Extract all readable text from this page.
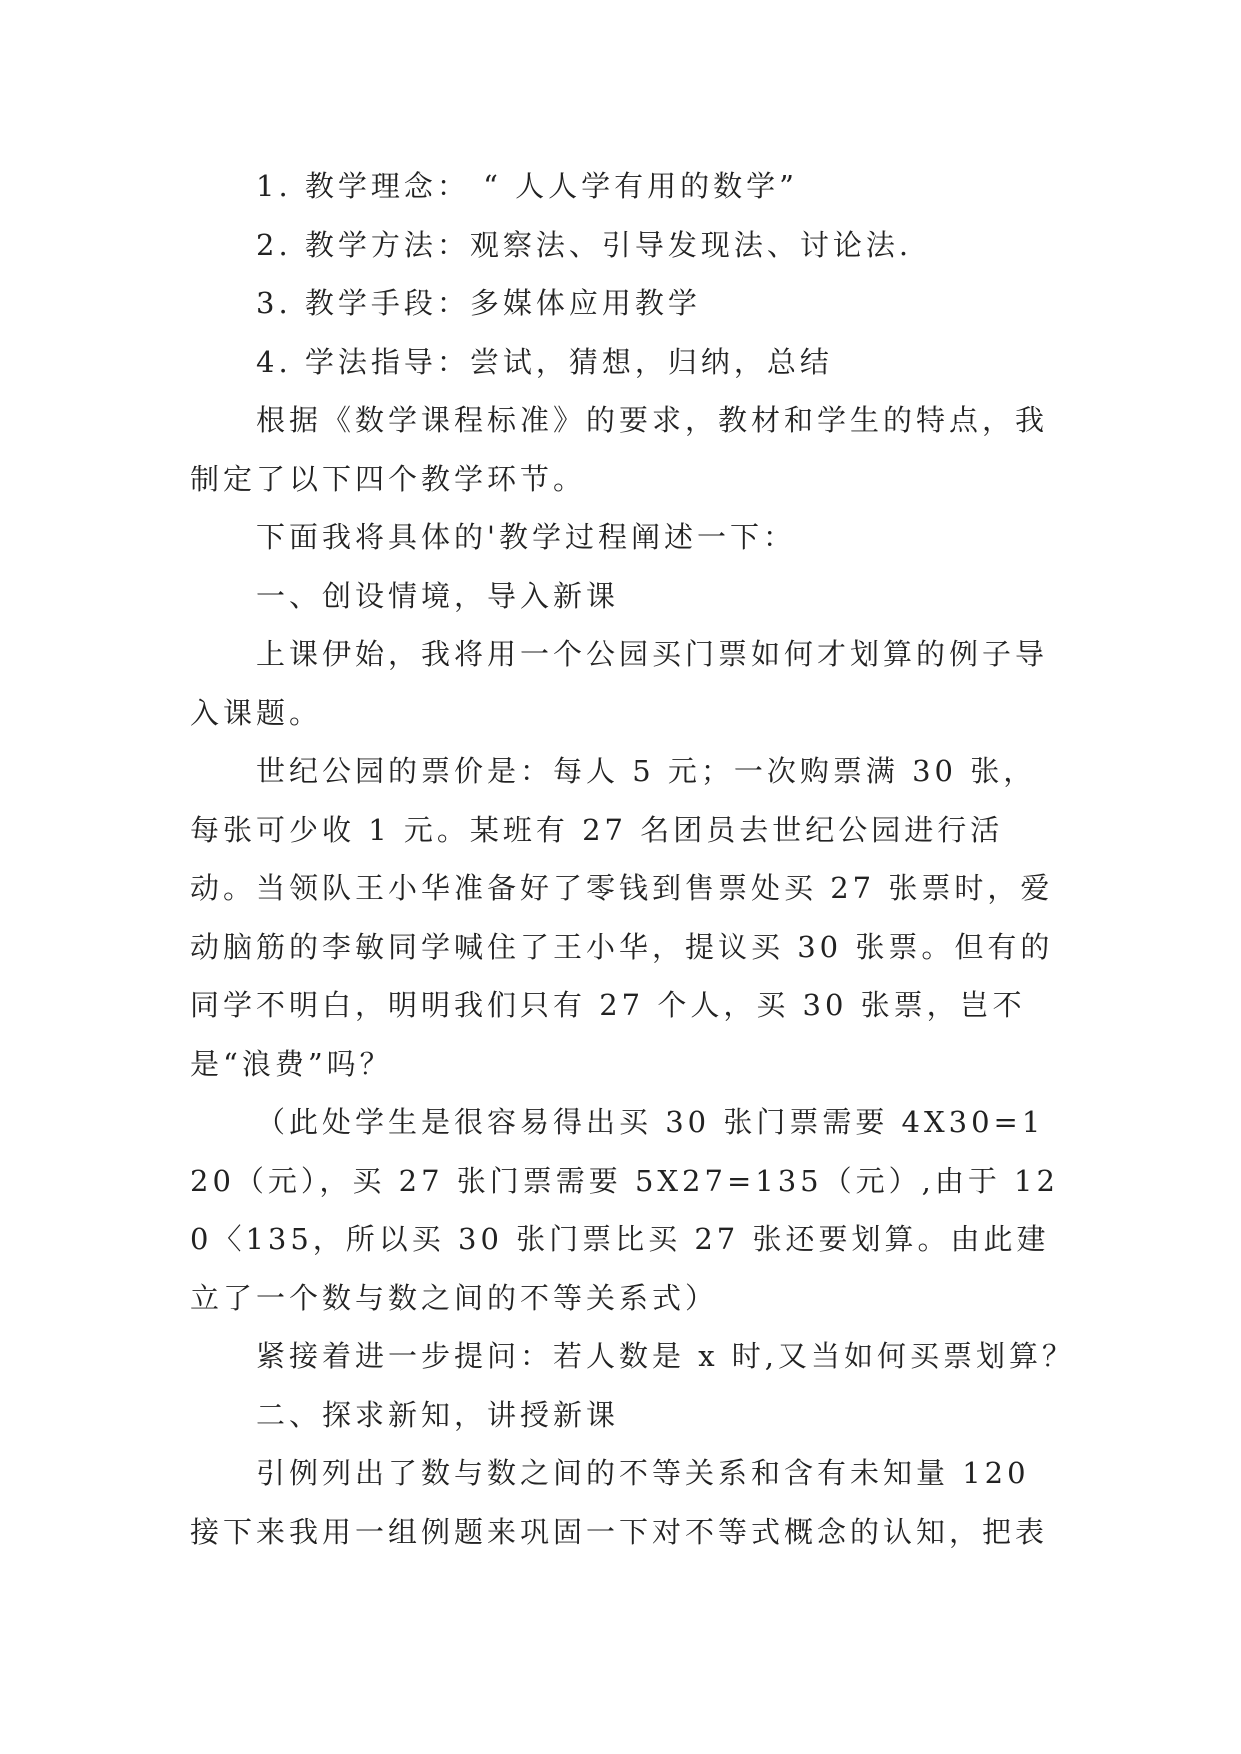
1. 教学理念： “ 人人学有用的数学”

2. 教学方法：观察法、引导发现法、讨论法.

3. 教学手段：多媒体应用教学

4. 学法指导：尝试，猜想，归纳，总结

根据《数学课程标准》的要求，教材和学生的特点，我制定了以下四个教学环节。

下面我将具体的'教学过程阐述一下：

一、创设情境，导入新课

上课伊始，我将用一个公园买门票如何才划算的例子导入课题。

世纪公园的票价是：每人 5 元；一次购票满 30 张，每张可少收 1 元。某班有 27 名团员去世纪公园进行活动。当领队王小华准备好了零钱到售票处买 27 张票时，爱动脑筋的李敏同学喊住了王小华，提议买 30 张票。但有的同学不明白，明明我们只有 27 个人，买 30 张票，岂不是“浪费”吗？

（此处学生是很容易得出买 30 张门票需要 4X30=120（元），买 27 张门票需要 5X27=135（元）,由于 120〈135，所以买 30 张门票比买 27 张还要划算。由此建立了一个数与数之间的不等关系式）

紧接着进一步提问：若人数是 x 时,又当如何买票划算？

二、探求新知，讲授新课

引例列出了数与数之间的不等关系和含有未知量 120 接下来我用一组例题来巩固一下对不等式概念的认知，把表
